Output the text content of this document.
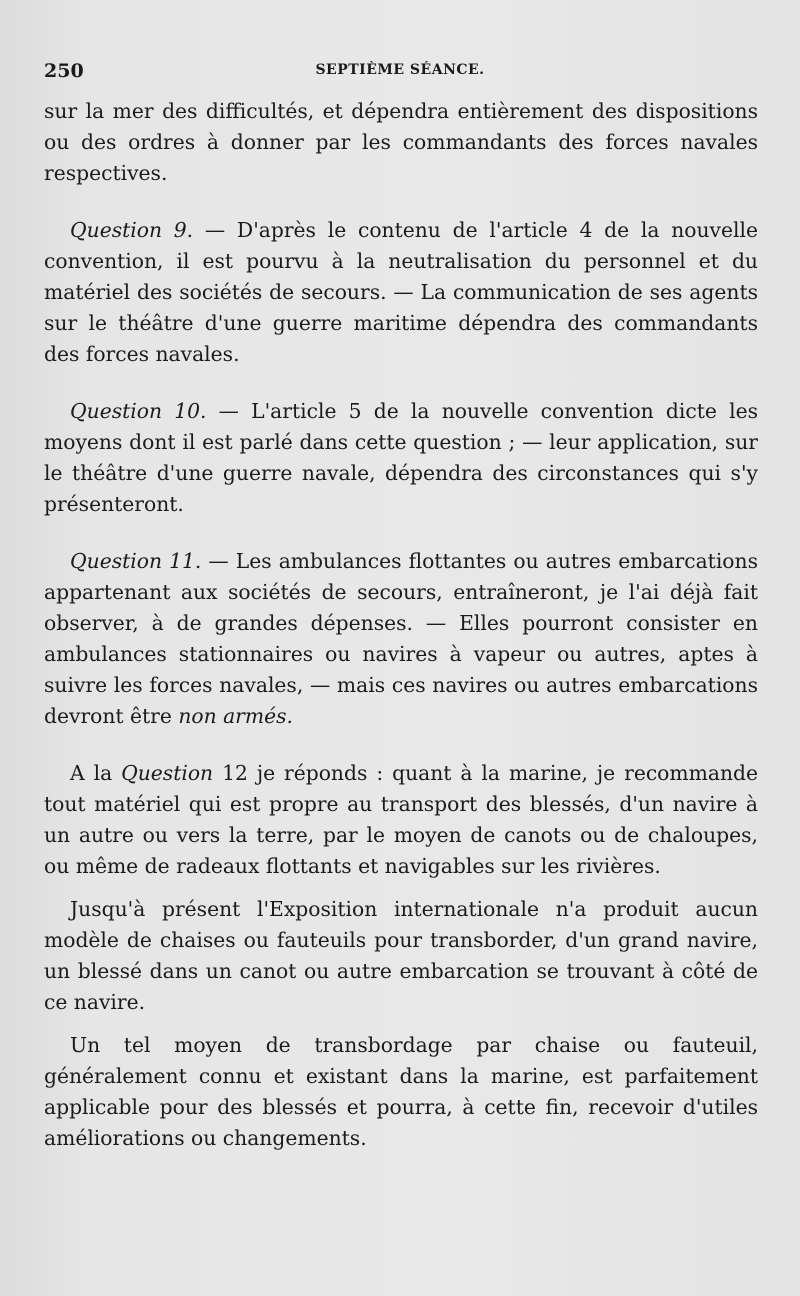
250	SEPTIÈME SÉANCE.

sur la mer des difficultés, et dépendra entièrement des dispositions ou des ordres à donner par les commandants des forces navales respectives.

Question 9. — D'après le contenu de l'article 4 de la nouvelle convention, il est pourvu à la neutralisation du personnel et du matériel des sociétés de secours. — La communication de ses agents sur le théâtre d'une guerre maritime dépendra des commandants des forces navales.

Question 10. — L'article 5 de la nouvelle convention dicte les moyens dont il est parlé dans cette question ; — leur application, sur le théâtre d'une guerre navale, dépendra des circonstances qui s'y présenteront.

Question 11. — Les ambulances flottantes ou autres embarcations appartenant aux sociétés de secours, entraîneront, je l'ai déjà fait observer, à de grandes dépenses. — Elles pourront consister en ambulances stationnaires ou navires à vapeur ou autres, aptes à suivre les forces navales, — mais ces navires ou autres embarcations devront être non armés.

A la Question 12 je réponds : quant à la marine, je recommande tout matériel qui est propre au transport des blessés, d'un navire à un autre ou vers la terre, par le moyen de canots ou de chaloupes, ou même de radeaux flottants et navigables sur les rivières.

Jusqu'à présent l'Exposition internationale n'a produit aucun modèle de chaises ou fauteuils pour transborder, d'un grand navire, un blessé dans un canot ou autre embarcation se trouvant à côté de ce navire.

Un tel moyen de transbordage par chaise ou fauteuil, généralement connu et existant dans la marine, est parfaitement applicable pour des blessés et pourra, à cette fin, recevoir d'utiles améliorations ou changements.
